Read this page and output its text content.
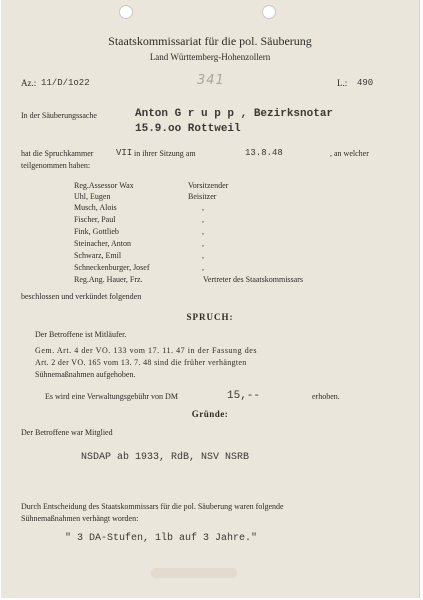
Staatskommissariat für die pol. Säuberung
Land Württemberg-Hohenzollern
Az.: 11/D/1o22	341	L.: 490
In der Säuberungssache	Anton G r u p p , Bezirksnotar
15.9.oo Rottweil
hat die Spruchkammer	VII in ihrer Sitzung am	13.8.48	, an welcher
teilgenommen haben:
Reg.Assessor Wax	Vorsitzender
Uhl, Eugen	Beisitzer
Musch, Alois	,
Fischer, Paul	,
Fink, Gottlieb	,
Steinacher, Anton	,
Schwarz, Emil	,
Schneckenburger, Josef	,
Reg.Ang. Hauer, Frz.	Vertreter des Staatskommissars
beschlossen und verkündet folgenden
SPRUCH:
Der Betroffene ist Mitläufer.
Gem. Art. 4 der VO. 133 vom 17. 11. 47 in der Fassung des
Art. 2 der VO. 165 vom 13. 7. 48 sind die früher verhängten
Sühnemaßnahmen aufgehoben.
Es wird eine Verwaltungsgebühr von DM	15,--	erhoben.
Gründe:
Der Betroffene war Mitglied
NSDAP ab 1933, RdB, NSV NSRB
Durch Entscheidung des Staatskommissars für die pol. Säuberung waren folgende
Sühnemaßnahmen verhängt worden:
" 3 DA-Stufen, 1lb auf 3 Jahre."
